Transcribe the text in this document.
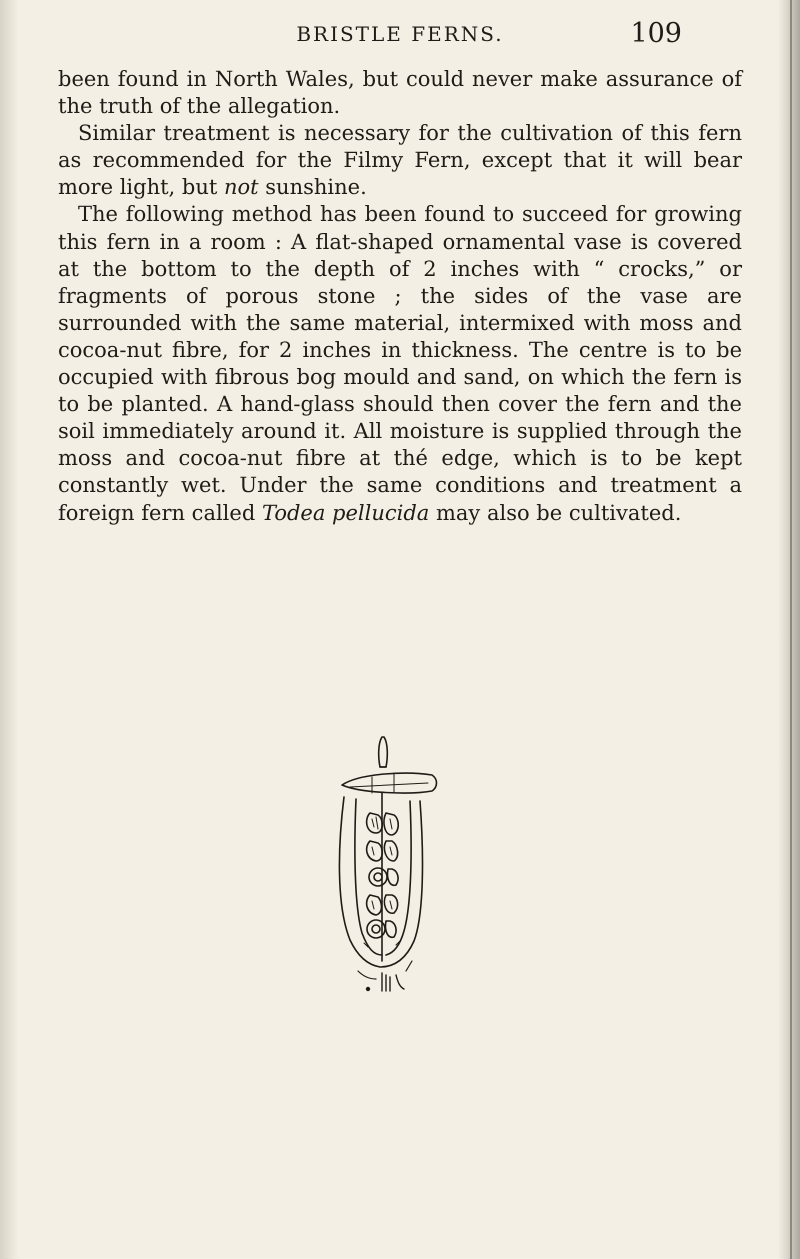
BRISTLE FERNS.	109

been found in North Wales, but could never make assurance of the truth of the allegation.

Similar treatment is necessary for the cultivation of this fern as recommended for the Filmy Fern, except that it will bear more light, but not sunshine.

The following method has been found to succeed for growing this fern in a room : A flat-shaped ornamental vase is covered at the bottom to the depth of 2 inches with “ crocks,” or fragments of porous stone ; the sides of the vase are surrounded with the same material, intermixed with moss and cocoa-nut fibre, for 2 inches in thickness. The centre is to be occupied with fibrous bog mould and sand, on which the fern is to be planted. A hand-glass should then cover the fern and the soil immediately around it. All moisture is supplied through the moss and cocoa-nut fibre at thé edge, which is to be kept constantly wet. Under the same conditions and treatment a foreign fern called Todea pellucida may also be cultivated.
